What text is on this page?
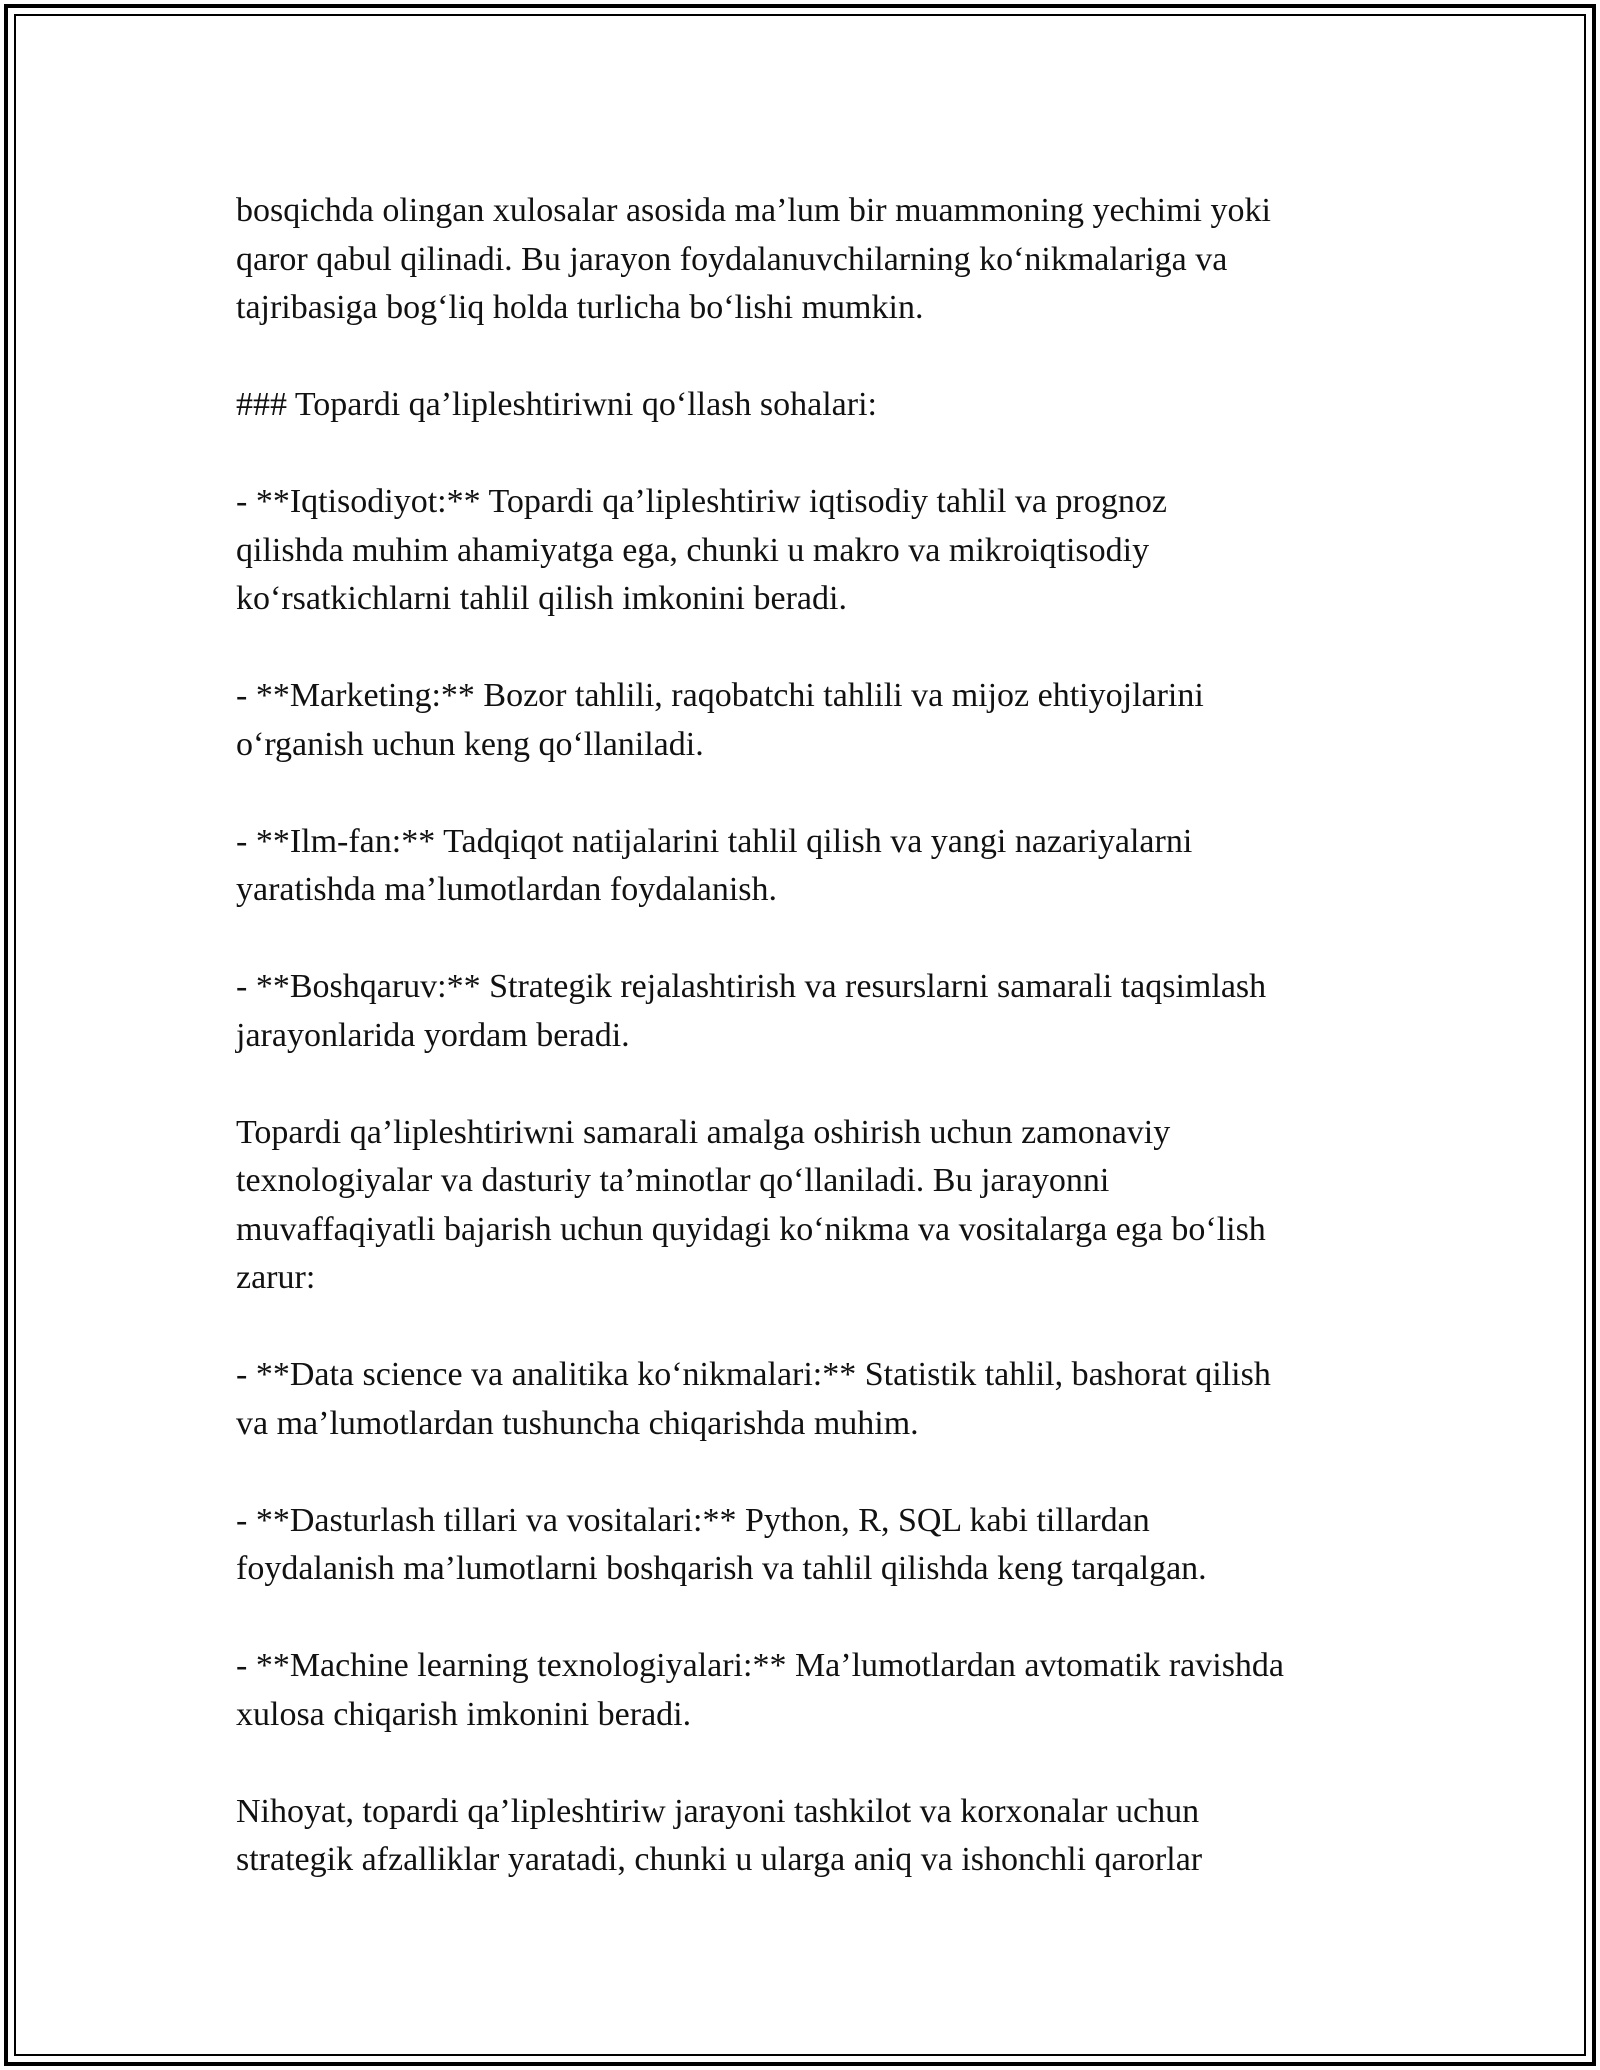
bosqichda olingan xulosalar asosida ma’lum bir muammoning yechimi yoki
qaror qabul qilinadi. Bu jarayon foydalanuvchilarning ko‘nikmalariga va
tajribasiga bog‘liq holda turlicha bo‘lishi mumkin.

### Topardi qa’lipleshtiriwni qo‘llash sohalari:

- **Iqtisodiyot:** Topardi qa’lipleshtiriw iqtisodiy tahlil va prognoz
qilishda muhim ahamiyatga ega, chunki u makro va mikroiqtisodiy
ko‘rsatkichlarni tahlil qilish imkonini beradi.

- **Marketing:** Bozor tahlili, raqobatchi tahlili va mijoz ehtiyojlarini
o‘rganish uchun keng qo‘llaniladi.

- **Ilm-fan:** Tadqiqot natijalarini tahlil qilish va yangi nazariyalarni
yaratishda ma’lumotlardan foydalanish.

- **Boshqaruv:** Strategik rejalashtirish va resurslarni samarali taqsimlash
jarayonlarida yordam beradi.

Topardi qa’lipleshtiriwni samarali amalga oshirish uchun zamonaviy
texnologiyalar va dasturiy ta’minotlar qo‘llaniladi. Bu jarayonni
muvaffaqiyatli bajarish uchun quyidagi ko‘nikma va vositalarga ega bo‘lish
zarur:

- **Data science va analitika ko‘nikmalari:** Statistik tahlil, bashorat qilish
va ma’lumotlardan tushuncha chiqarishda muhim.

- **Dasturlash tillari va vositalari:** Python, R, SQL kabi tillardan
foydalanish ma’lumotlarni boshqarish va tahlil qilishda keng tarqalgan.

- **Machine learning texnologiyalari:** Ma’lumotlardan avtomatik ravishda
xulosa chiqarish imkonini beradi.

Nihoyat, topardi qa’lipleshtiriw jarayoni tashkilot va korxonalar uchun
strategik afzalliklar yaratadi, chunki u ularga aniq va ishonchli qarorlar
